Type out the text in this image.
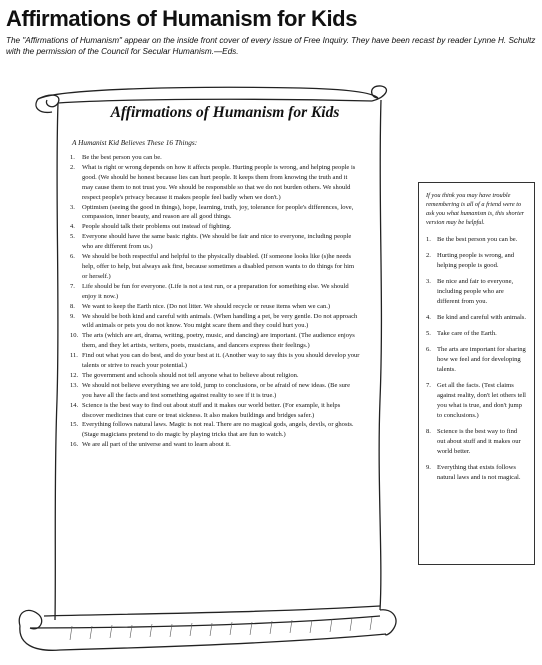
Affirmations of Humanism for Kids
The "Affirmations of Humanism" appear on the inside front cover of every issue of Free Inquiry. They have been recast by reader Lynne H. Schultz with the permission of the Council for Secular Humanism.—Eds.
Affirmations of Humanism for Kids
A Humanist Kid Believes These 16 Things:
1. Be the best person you can be.
2. What is right or wrong depends on how it affects people. Hurting people is wrong, and helping people is good. (We should be honest because lies can hurt people. It keeps them from knowing the truth and it may cause them to not trust you. We should be responsible so that we do not burden others. We should respect people's privacy because it makes people feel badly when we don't.)
3. Optimism (seeing the good in things), hope, learning, truth, joy, tolerance for people's differences, love, compassion, inner beauty, and reason are all good things.
4. People should talk their problems out instead of fighting.
5. Everyone should have the same basic rights. (We should be fair and nice to everyone, including people who are different from us.)
6. We should be both respectful and helpful to the physically disabled. (If someone looks like (s)he needs help, offer to help, but always ask first, because sometimes a disabled person wants to do things for him or herself.)
7. Life should be fun for everyone. (Life is not a test run, or a preparation for something else. We should enjoy it now.)
8. We want to keep the Earth nice. (Do not litter. We should recycle or reuse items when we can.)
9. We should be both kind and careful with animals. (When handling a pet, be very gentle. Do not approach wild animals or pets you do not know. You might scare them and they could hurt you.)
10. The arts (which are art, drama, writing, poetry, music, and dancing) are important. (The audience enjoys them, and they let artists, writers, poets, musicians, and dancers express their feelings.)
11. Find out what you can do best, and do your best at it. (Another way to say this is you should develop your talents or strive to reach your potential.)
12. The government and schools should not tell anyone what to believe about religion.
13. We should not believe everything we are told, jump to conclusions, or be afraid of new ideas. (Be sure you have all the facts and test something against reality to see if it is true.)
14. Science is the best way to find out about stuff and it makes our world better. (For example, it helps discover medicines that cure or treat sickness. It also makes buildings and bridges safer.)
15. Everything follows natural laws. Magic is not real. There are no magical gods, angels, devils, or ghosts. (Stage magicians pretend to do magic by playing tricks that are fun to watch.)
16. We are all part of the universe and want to learn about it.
If you think you may have trouble remembering is all of a friend were to ask you what humanism is, this shorter version may be helpful.
1. Be the best person you can be.
2. Hurting people is wrong, and helping people is good.
3. Be nice and fair to everyone, including people who are different from you.
4. Be kind and careful with animals.
5. Take care of the Earth.
6. The arts are important for sharing how we feel and for developing talents.
7. Get all the facts. (Test claims against reality, don't let others tell you what is true, and don't jump to conclusions.)
8. Science is the best way to find out about stuff and it makes our world better.
9. Everything that exists follows natural laws and is not magical.
